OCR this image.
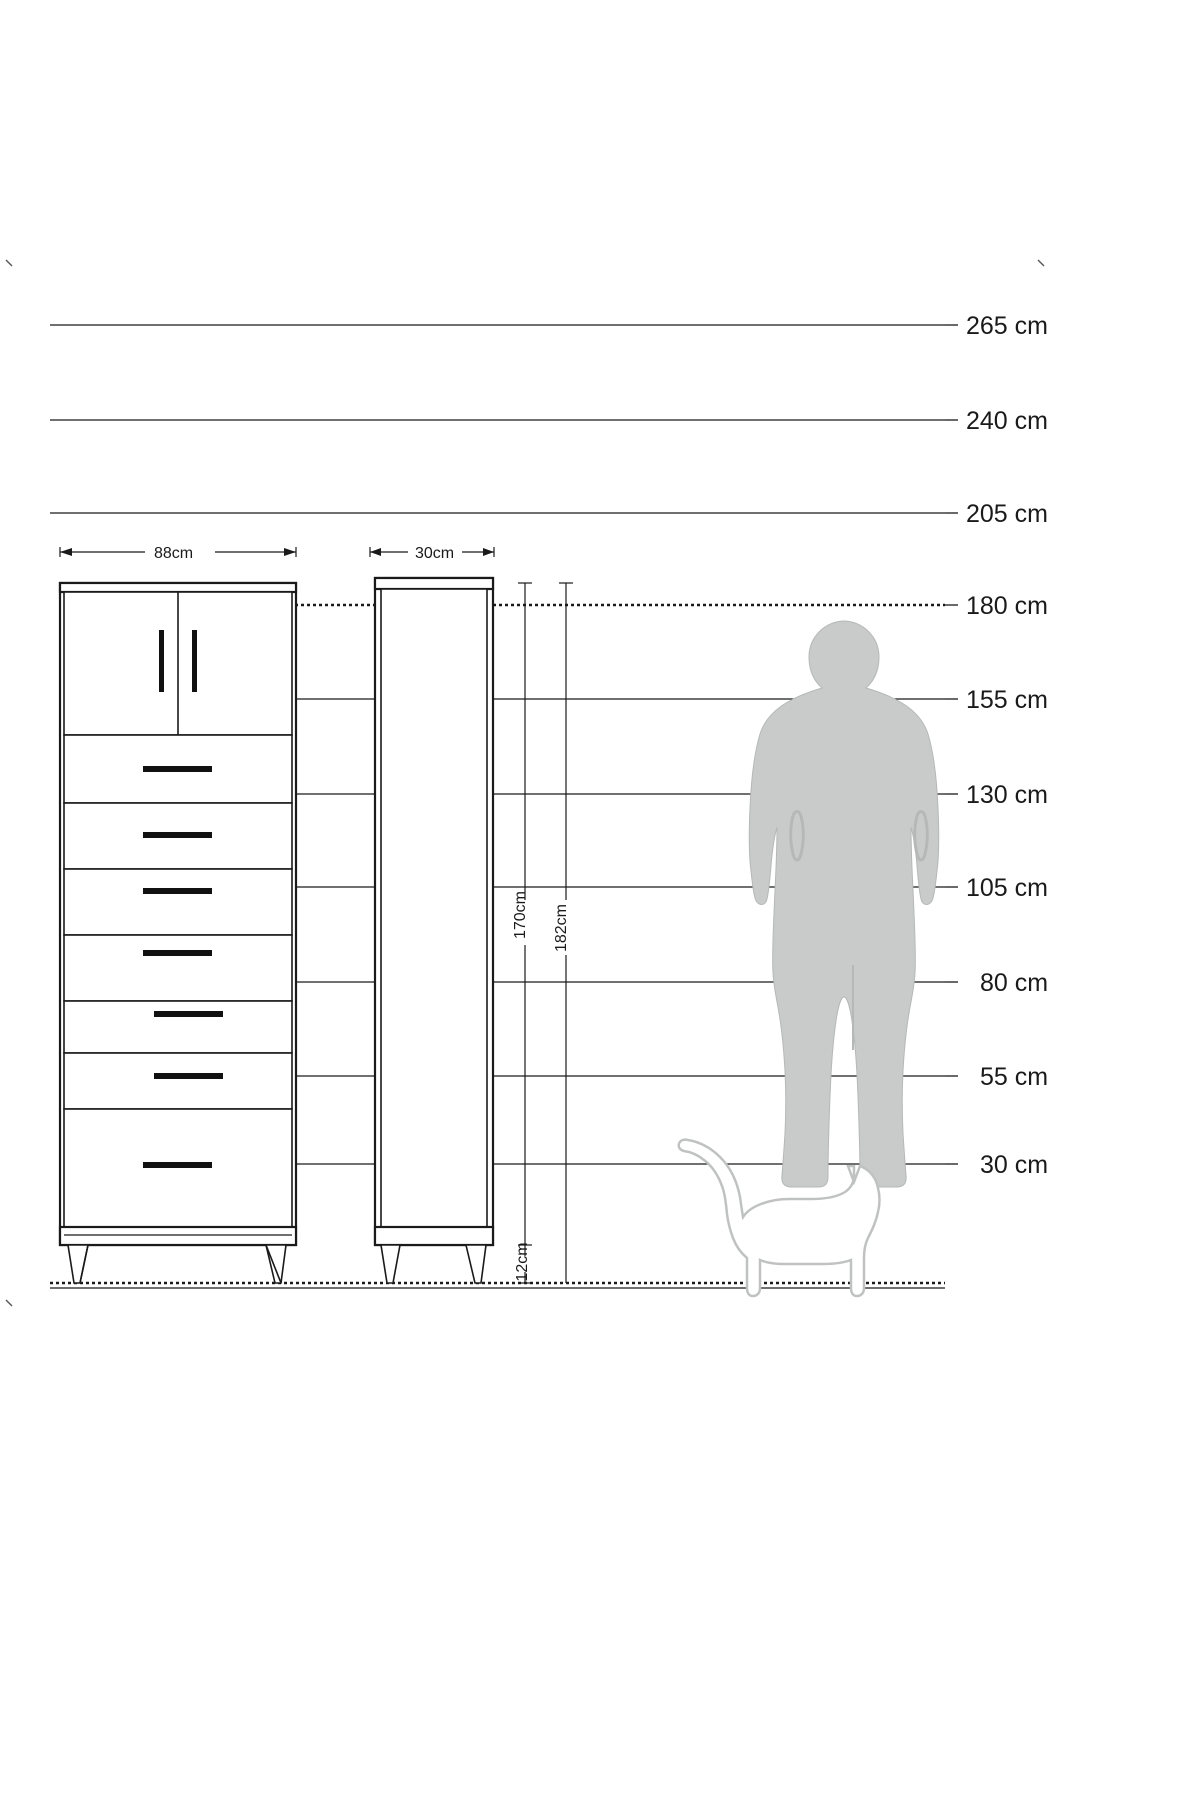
265 cm
240 cm
205 cm
180 cm
155 cm
130 cm
105 cm
80 cm
55 cm
30 cm
88cm	30cm
170cm 182cm
12cm
